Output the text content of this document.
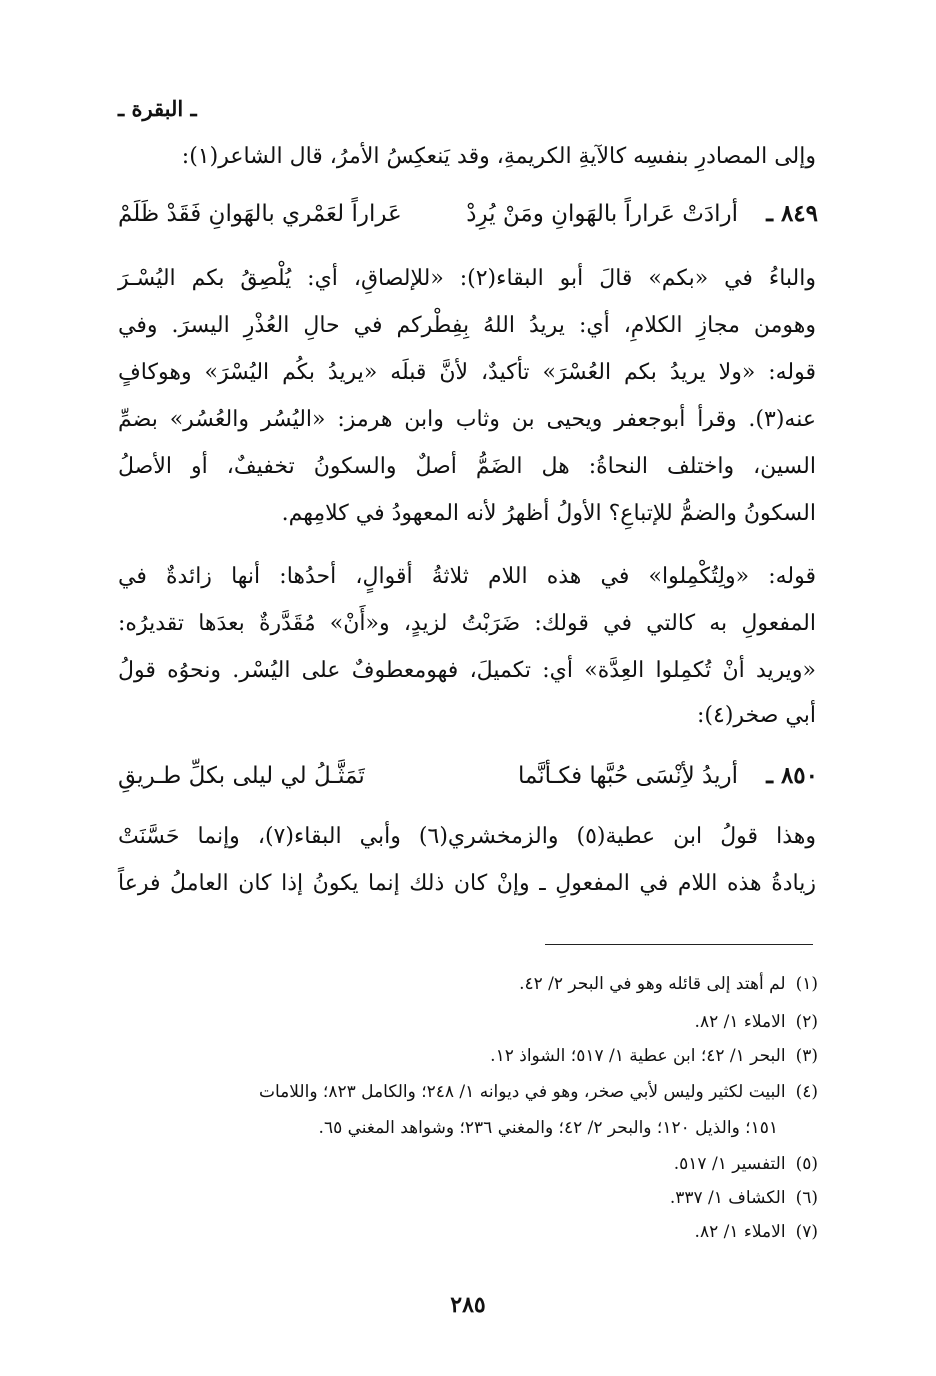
ـ البقرة ـ
وإلى المصادرِ بنفسِه كالآيةِ الكريمةِ، وقد يَنعكِسُ الأمرُ، قال الشاعر(١):
٨٤٩ ـ
أرادَتْ عَراراً بالهَوانِ ومَنْ يُرِدْ
عَراراً لعَمْري بالهَوانِ فَقَدْ ظَلَمْ
والباءُ في «بكم» قالَ أبو البقاء(٢): «للإلصاقِ، أي: يُلْصِقُ بكم اليُسْـرَ
وهومن مجازِ الكلامِ، أي: يريدُ اللهُ بِفِطْركم في حالِ العُذْرِ اليسرَ. وفي
قوله: «ولا يريدُ بكم العُسْرَ» تأكيدٌ، لأنَّ قبلَه «يريدُ بكُم اليُسْرَ» وهوكافٍ
عنه(٣). وقرأ أبوجعفر ويحيى بن وثاب وابن هرمز: «اليُسُر والعُسُر» بضمِّ
السين، واختلف النحاةُ: هل الضَمُّ أصلٌ والسكونُ تخفيفٌ، أو الأصلُ
السكونُ والضمُّ للإتباعِ؟ الأولُ أظهرُ لأنه المعهودُ في كلامِهم.
قوله: «ولِتُكْمِلوا» في هذه اللام ثلاثةُ أقوالٍ، أحدُها: أنها زائدةٌ في
المفعولِ به كالتي في قولك: ضَرَبْتُ لزيدٍ، و«أَنْ» مُقَدَّرةٌ بعدَها تقديرُه:
«ويريد أنْ تُكمِلوا العِدَّة» أي: تكميلَ، فهومعطوفٌ على اليُسْر. ونحوُه قولُ
أبي صخر(٤):
٨٥٠ ـ
أريدُ لأِنْسَى حُبَّها فكـأنَّما
تَمَثَّـلُ لي ليلى بكلِّ طـريقِ
وهذا قولُ ابن عطية(٥) والزمخشري(٦) وأبي البقاء(٧)، وإنما حَسَّنَتْ
زيادةُ هذه اللام في المفعولِ ـ وإنْ كان ذلك إنما يكونُ إذا كان العاملُ فرعاً
(١)لم أهتد إلى قائله وهو في البحر ٢/ ٤٢.
(٢)الاملاء ١/ ٨٢.
(٣)البحر ١/ ٤٢؛ ابن عطية ١/ ٥١٧؛ الشواذ ١٢.
(٤)البيت لكثير وليس لأبي صخر، وهو في ديوانه ١/ ٢٤٨؛ والكامل ٨٢٣؛ واللامات
١٥١؛ والذيل ١٢٠؛ والبحر ٢/ ٤٢؛ والمغني ٢٣٦؛ وشواهد المغني ٦٥.
(٥)التفسير ١/ ٥١٧.
(٦)الكشاف ١/ ٣٣٧.
(٧)الاملاء ١/ ٨٢.
٢٨٥
